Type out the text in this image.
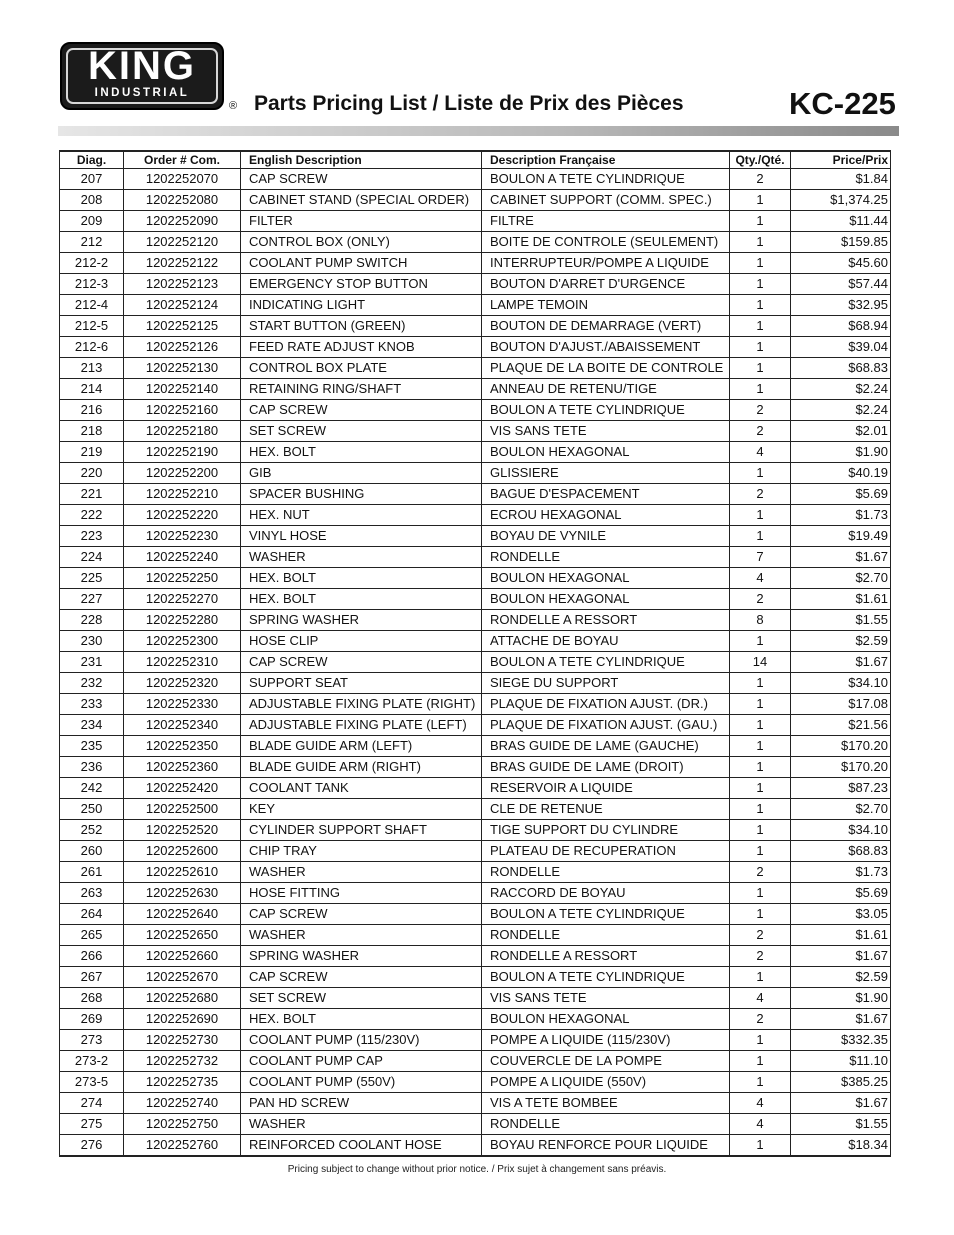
KING
INDUSTRIAL
® Parts Pricing List / Liste de Prix des Pièces	KC-225
Diag.	Order # Com.	English Description	Description Française	Qty./Qté.	Price/Prix
207	1202252070	CAP SCREW	BOULON A TETE CYLINDRIQUE	2	$1.84
208	1202252080	CABINET STAND (SPECIAL ORDER)	CABINET SUPPORT (COMM. SPEC.)	1	$1,374.25
209	1202252090	FILTER	FILTRE	1	$11.44
212	1202252120	CONTROL BOX (ONLY)	BOITE DE CONTROLE (SEULEMENT)	1	$159.85
212-2	1202252122	COOLANT PUMP SWITCH	INTERRUPTEUR/POMPE A LIQUIDE	1	$45.60
212-3	1202252123	EMERGENCY STOP BUTTON	BOUTON D'ARRET D'URGENCE	1	$57.44
212-4	1202252124	INDICATING LIGHT	LAMPE TEMOIN	1	$32.95
212-5	1202252125	START BUTTON (GREEN)	BOUTON DE DEMARRAGE (VERT)	1	$68.94
212-6	1202252126	FEED RATE ADJUST KNOB	BOUTON D'AJUST./ABAISSEMENT	1	$39.04
213	1202252130	CONTROL BOX PLATE	PLAQUE DE LA BOITE DE CONTROLE	1	$68.83
214	1202252140	RETAINING RING/SHAFT	ANNEAU DE RETENU/TIGE	1	$2.24
216	1202252160	CAP SCREW	BOULON A TETE CYLINDRIQUE	2	$2.24
218	1202252180	SET SCREW	VIS SANS TETE	2	$2.01
219	1202252190	HEX. BOLT	BOULON HEXAGONAL	4	$1.90
220	1202252200	GIB	GLISSIERE	1	$40.19
221	1202252210	SPACER BUSHING	BAGUE D'ESPACEMENT	2	$5.69
222	1202252220	HEX. NUT	ECROU HEXAGONAL	1	$1.73
223	1202252230	VINYL HOSE	BOYAU DE VYNILE	1	$19.49
224	1202252240	WASHER	RONDELLE	7	$1.67
225	1202252250	HEX. BOLT	BOULON HEXAGONAL	4	$2.70
227	1202252270	HEX. BOLT	BOULON HEXAGONAL	2	$1.61
228	1202252280	SPRING WASHER	RONDELLE A RESSORT	8	$1.55
230	1202252300	HOSE CLIP	ATTACHE DE BOYAU	1	$2.59
231	1202252310	CAP SCREW	BOULON A TETE CYLINDRIQUE	14	$1.67
232	1202252320	SUPPORT SEAT	SIEGE DU SUPPORT	1	$34.10
233	1202252330	ADJUSTABLE FIXING PLATE (RIGHT)	PLAQUE DE FIXATION AJUST. (DR.)	1	$17.08
234	1202252340	ADJUSTABLE FIXING PLATE (LEFT)	PLAQUE DE FIXATION AJUST. (GAU.)	1	$21.56
235	1202252350	BLADE GUIDE ARM (LEFT)	BRAS GUIDE DE LAME (GAUCHE)	1	$170.20
236	1202252360	BLADE GUIDE ARM (RIGHT)	BRAS GUIDE DE LAME (DROIT)	1	$170.20
242	1202252420	COOLANT TANK	RESERVOIR A LIQUIDE	1	$87.23
250	1202252500	KEY	CLE DE RETENUE	1	$2.70
252	1202252520	CYLINDER SUPPORT SHAFT	TIGE SUPPORT DU CYLINDRE	1	$34.10
260	1202252600	CHIP TRAY	PLATEAU DE RECUPERATION	1	$68.83
261	1202252610	WASHER	RONDELLE	2	$1.73
263	1202252630	HOSE FITTING	RACCORD DE BOYAU	1	$5.69
264	1202252640	CAP SCREW	BOULON A TETE CYLINDRIQUE	1	$3.05
265	1202252650	WASHER	RONDELLE	2	$1.61
266	1202252660	SPRING WASHER	RONDELLE A RESSORT	2	$1.67
267	1202252670	CAP SCREW	BOULON A TETE CYLINDRIQUE	1	$2.59
268	1202252680	SET SCREW	VIS SANS TETE	4	$1.90
269	1202252690	HEX. BOLT	BOULON HEXAGONAL	2	$1.67
273	1202252730	COOLANT PUMP (115/230V)	POMPE A LIQUIDE (115/230V)	1	$332.35
273-2	1202252732	COOLANT PUMP CAP	COUVERCLE DE LA POMPE	1	$11.10
273-5	1202252735	COOLANT PUMP (550V)	POMPE A LIQUIDE (550V)	1	$385.25
274	1202252740	PAN HD SCREW	VIS A TETE BOMBEE	4	$1.67
275	1202252750	WASHER	RONDELLE	4	$1.55
276	1202252760	REINFORCED COOLANT HOSE	BOYAU RENFORCE POUR LIQUIDE	1	$18.34
Pricing subject to change without prior notice. / Prix sujet à changement sans préavis.
